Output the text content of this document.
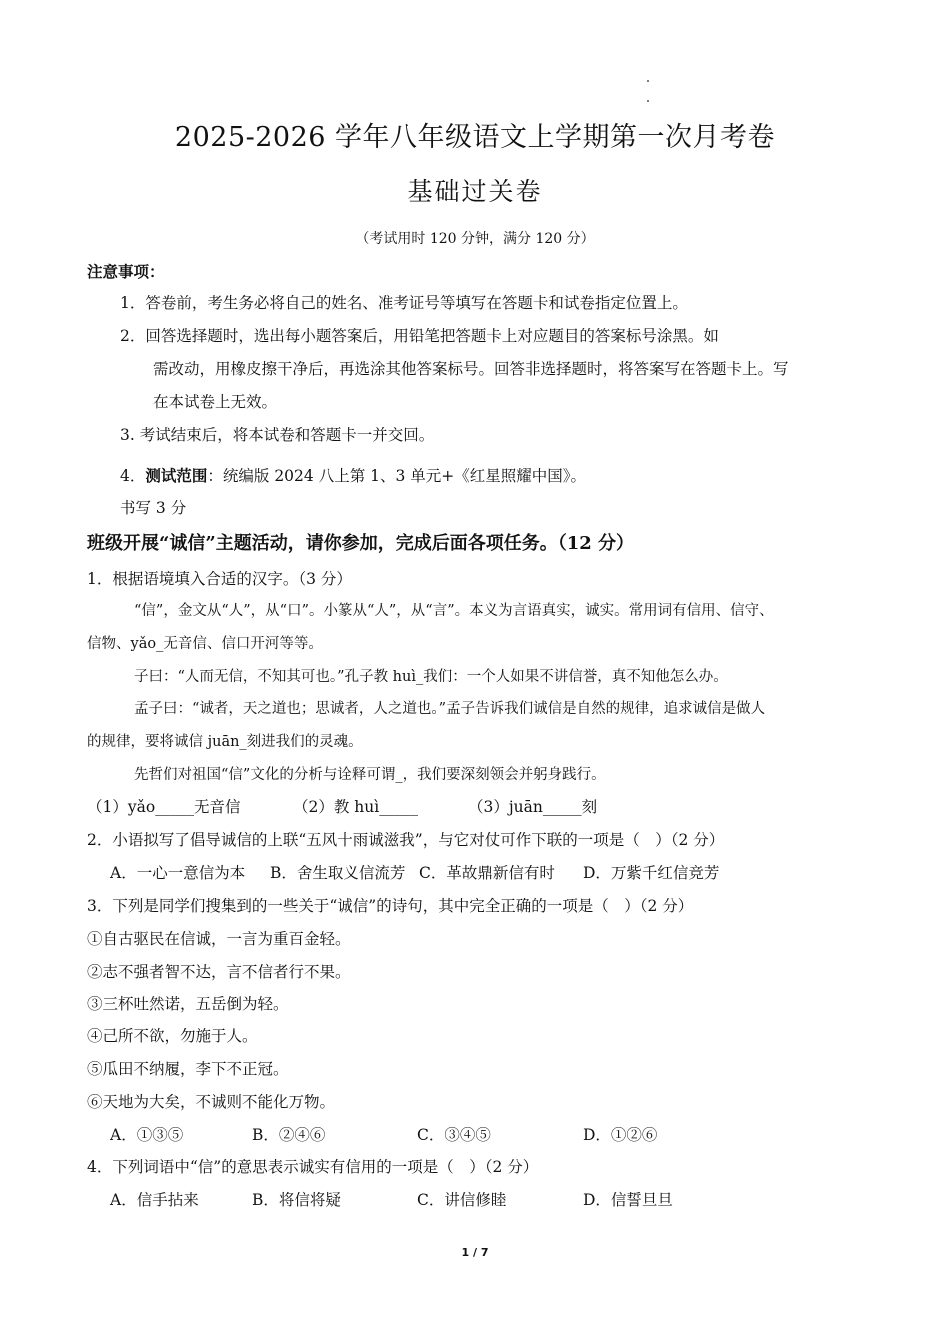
2025-2026 学年八年级语文上学期第一次月考卷
基础过关卷
（考试用时 120 分钟，满分 120 分）
注意事项：
1．答卷前，考生务必将自己的姓名、准考证号等填写在答题卡和试卷指定位置上。
2．回答选择题时，选出每小题答案后，用铅笔把答题卡上对应题目的答案标号涂黑。如
需改动，用橡皮擦干净后，再选涂其他答案标号。回答非选择题时，将答案写在答题卡上。写
在本试卷上无效。
3. 考试结束后，将本试卷和答题卡一并交回。
4．测试范围：统编版 2024 八上第 1、3 单元+《红星照耀中国》。
书写 3 分
班级开展“诚信”主题活动，请你参加，完成后面各项任务。（12 分）
1．根据语境填入合适的汉字。（3 分）
“信”，金文从“人”，从“口”。小篆从“人”，从“言”。本义为言语真实，诚实。常用词有信用、信守、
信物、yǎo_无音信、信口开河等等。
子曰：“人而无信，不知其可也。”孔子教 huì_我们：一个人如果不讲信誉，真不知他怎么办。
孟子曰：“诚者，天之道也；思诚者，人之道也。”孟子告诉我们诚信是自然的规律，追求诚信是做人
的规律，要将诚信 juān_刻进我们的灵魂。
先哲们对祖国“信”文化的分析与诠释可谓_，我们要深刻领会并躬身践行。
（1）yǎo_____无音信	（2）教 huì_____	（3）juān_____刻
2．小语拟写了倡导诚信的上联“五风十雨诚滋我”，与它对仗可作下联的一项是（　）（2 分）
A．一心一意信为本 B．舍生取义信流芳 C．革故鼎新信有时 D．万紫千红信竞芳
3．下列是同学们搜集到的一些关于“诚信”的诗句，其中完全正确的一项是（　）（2 分）
①自古驱民在信诚，一言为重百金轻。
②志不强者智不达，言不信者行不果。
③三杯吐然诺，五岳倒为轻。
④己所不欲，勿施于人。
⑤瓜田不纳履，李下不正冠。
⑥天地为大矣，不诚则不能化万物。
A．①③⑤	B．②④⑥	C．③④⑤	D．①②⑥
4．下列词语中“信”的意思表示诚实有信用的一项是（　）（2 分）
A．信手拈来	B．将信将疑	C．讲信修睦	D．信誓旦旦
1 / 7
